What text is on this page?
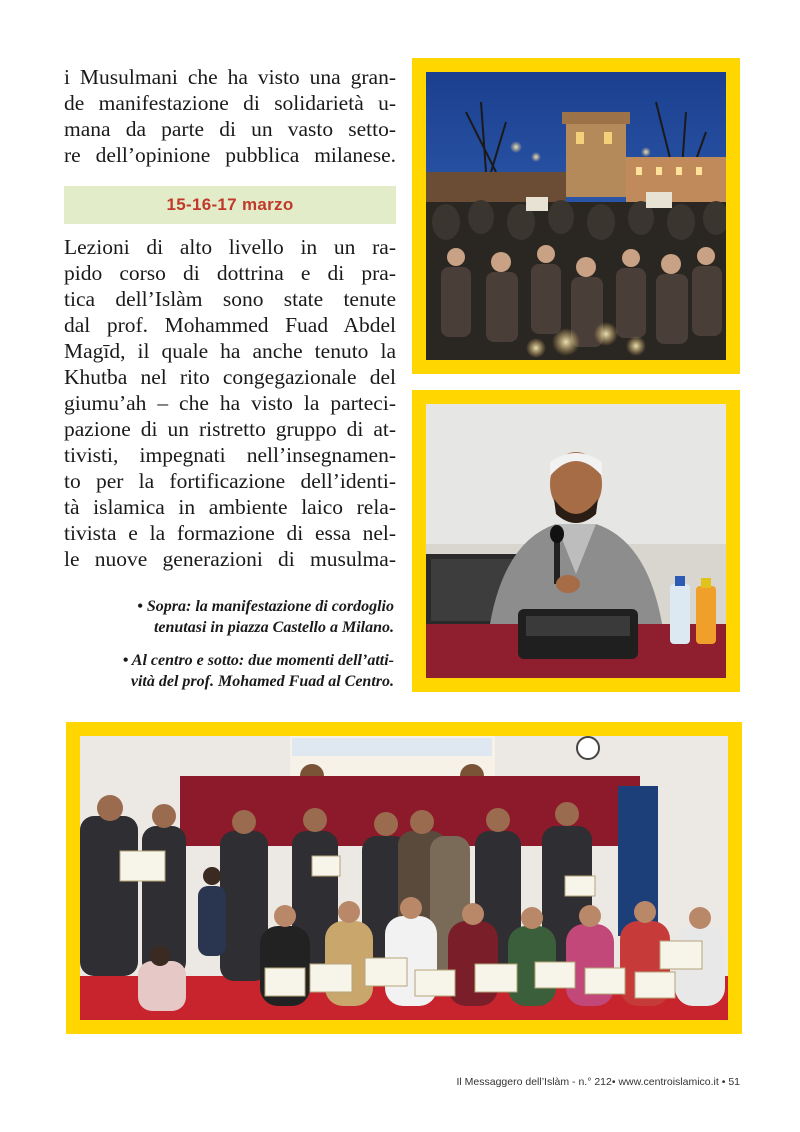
i Musulmani che ha visto una gran-
de manifestazione di solidarietà u-
mana da parte di un vasto setto-
re dell’opinione pubblica milanese.

15-16-17 marzo

Lezioni di alto livello in un ra-
pido corso di dottrina e di pra-
tica dell’Islàm sono state tenute
dal prof. Mohammed Fuad Abdel
Magīd, il quale ha anche tenuto la
Khutba nel rito congegazionale del
giumu’ah – che ha visto la parteci-
pazione di un ristretto gruppo di at-
tivisti, impegnati nell’insegnamen-
to per la fortificazione dell’identi-
tà islamica in ambiente laico rela-
tivista e la formazione di essa nel-
le nuove generazioni di musulma-

• Sopra: la manifestazione di cordoglio
tenutasi in piazza Castello a Milano.

• Al centro e sotto: due momenti dell’atti-
vità del prof. Mohamed Fuad al Centro.

Il Messaggero dell’Islàm - n.° 212• www.centroislamico.it • 51
